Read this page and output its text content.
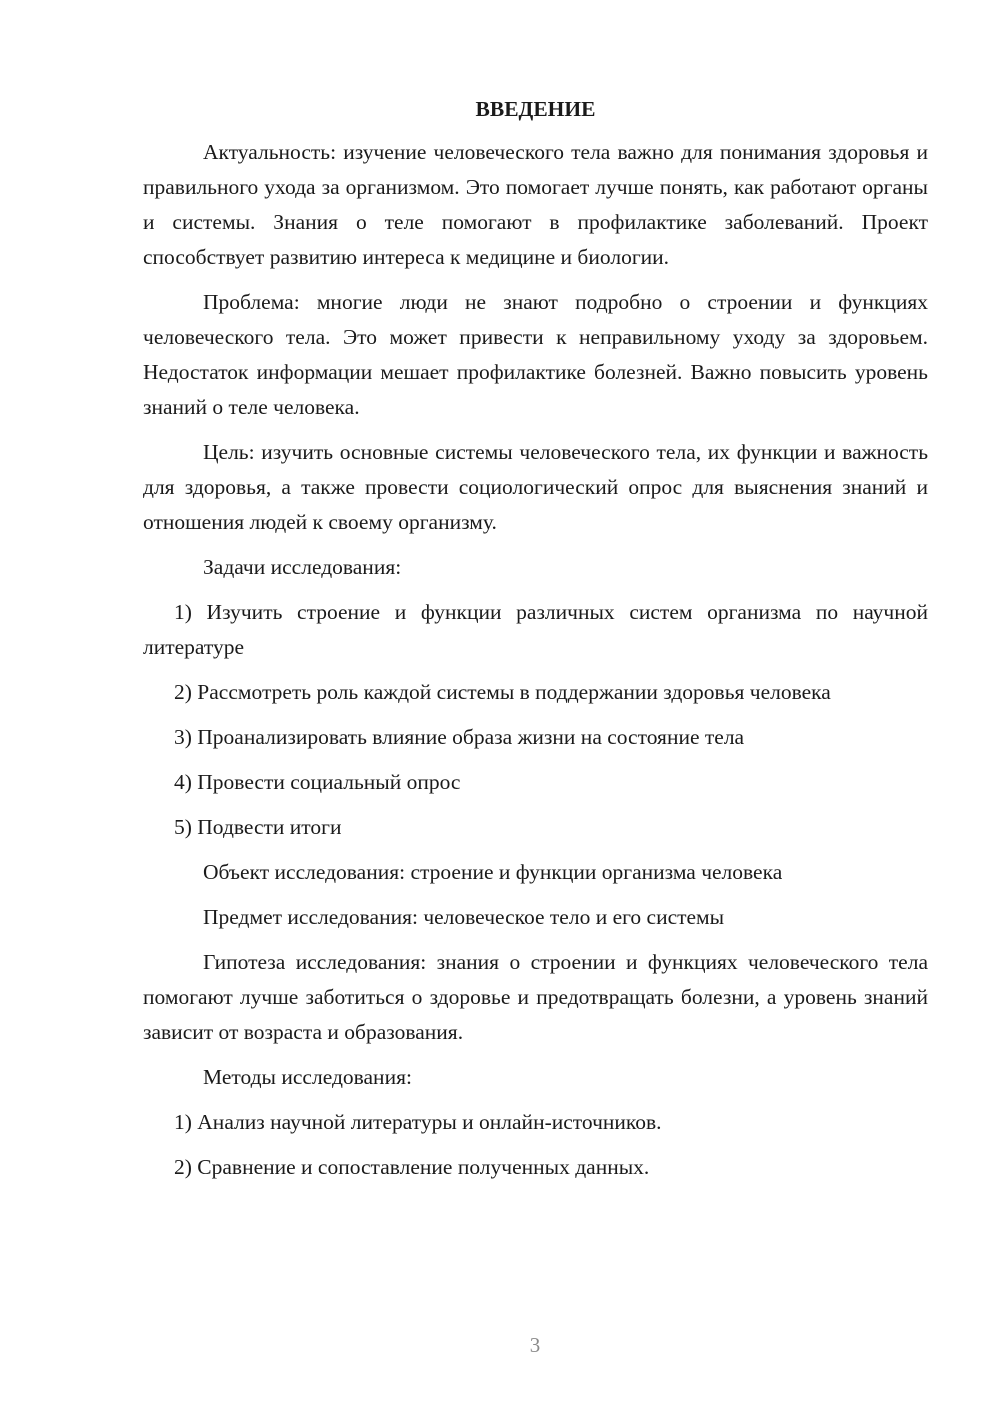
ВВЕДЕНИЕ

Актуальность: изучение человеческого тела важно для понимания здоровья и правильного ухода за организмом. Это помогает лучше понять, как работают органы и системы. Знания о теле помогают в профилактике заболеваний. Проект способствует развитию интереса к медицине и биологии.

Проблема: многие люди не знают подробно о строении и функциях человеческого тела. Это может привести к неправильному уходу за здоровьем. Недостаток информации мешает профилактике болезней. Важно повысить уровень знаний о теле человека.

Цель: изучить основные системы человеческого тела, их функции и важность для здоровья, а также провести социологический опрос для выяснения знаний и отношения людей к своему организму.

Задачи исследования:

1) Изучить строение и функции различных систем организма по научной литературе

2) Рассмотреть роль каждой системы в поддержании здоровья человека

3) Проанализировать влияние образа жизни на состояние тела

4) Провести социальный опрос

5) Подвести итоги

Объект исследования: строение и функции организма человека

Предмет исследования: человеческое тело и его системы

Гипотеза исследования: знания о строении и функциях человеческого тела помогают лучше заботиться о здоровье и предотвращать болезни, а уровень знаний зависит от возраста и образования.

Методы исследования:

1) Анализ научной литературы и онлайн-источников.

2) Сравнение и сопоставление полученных данных.

3
